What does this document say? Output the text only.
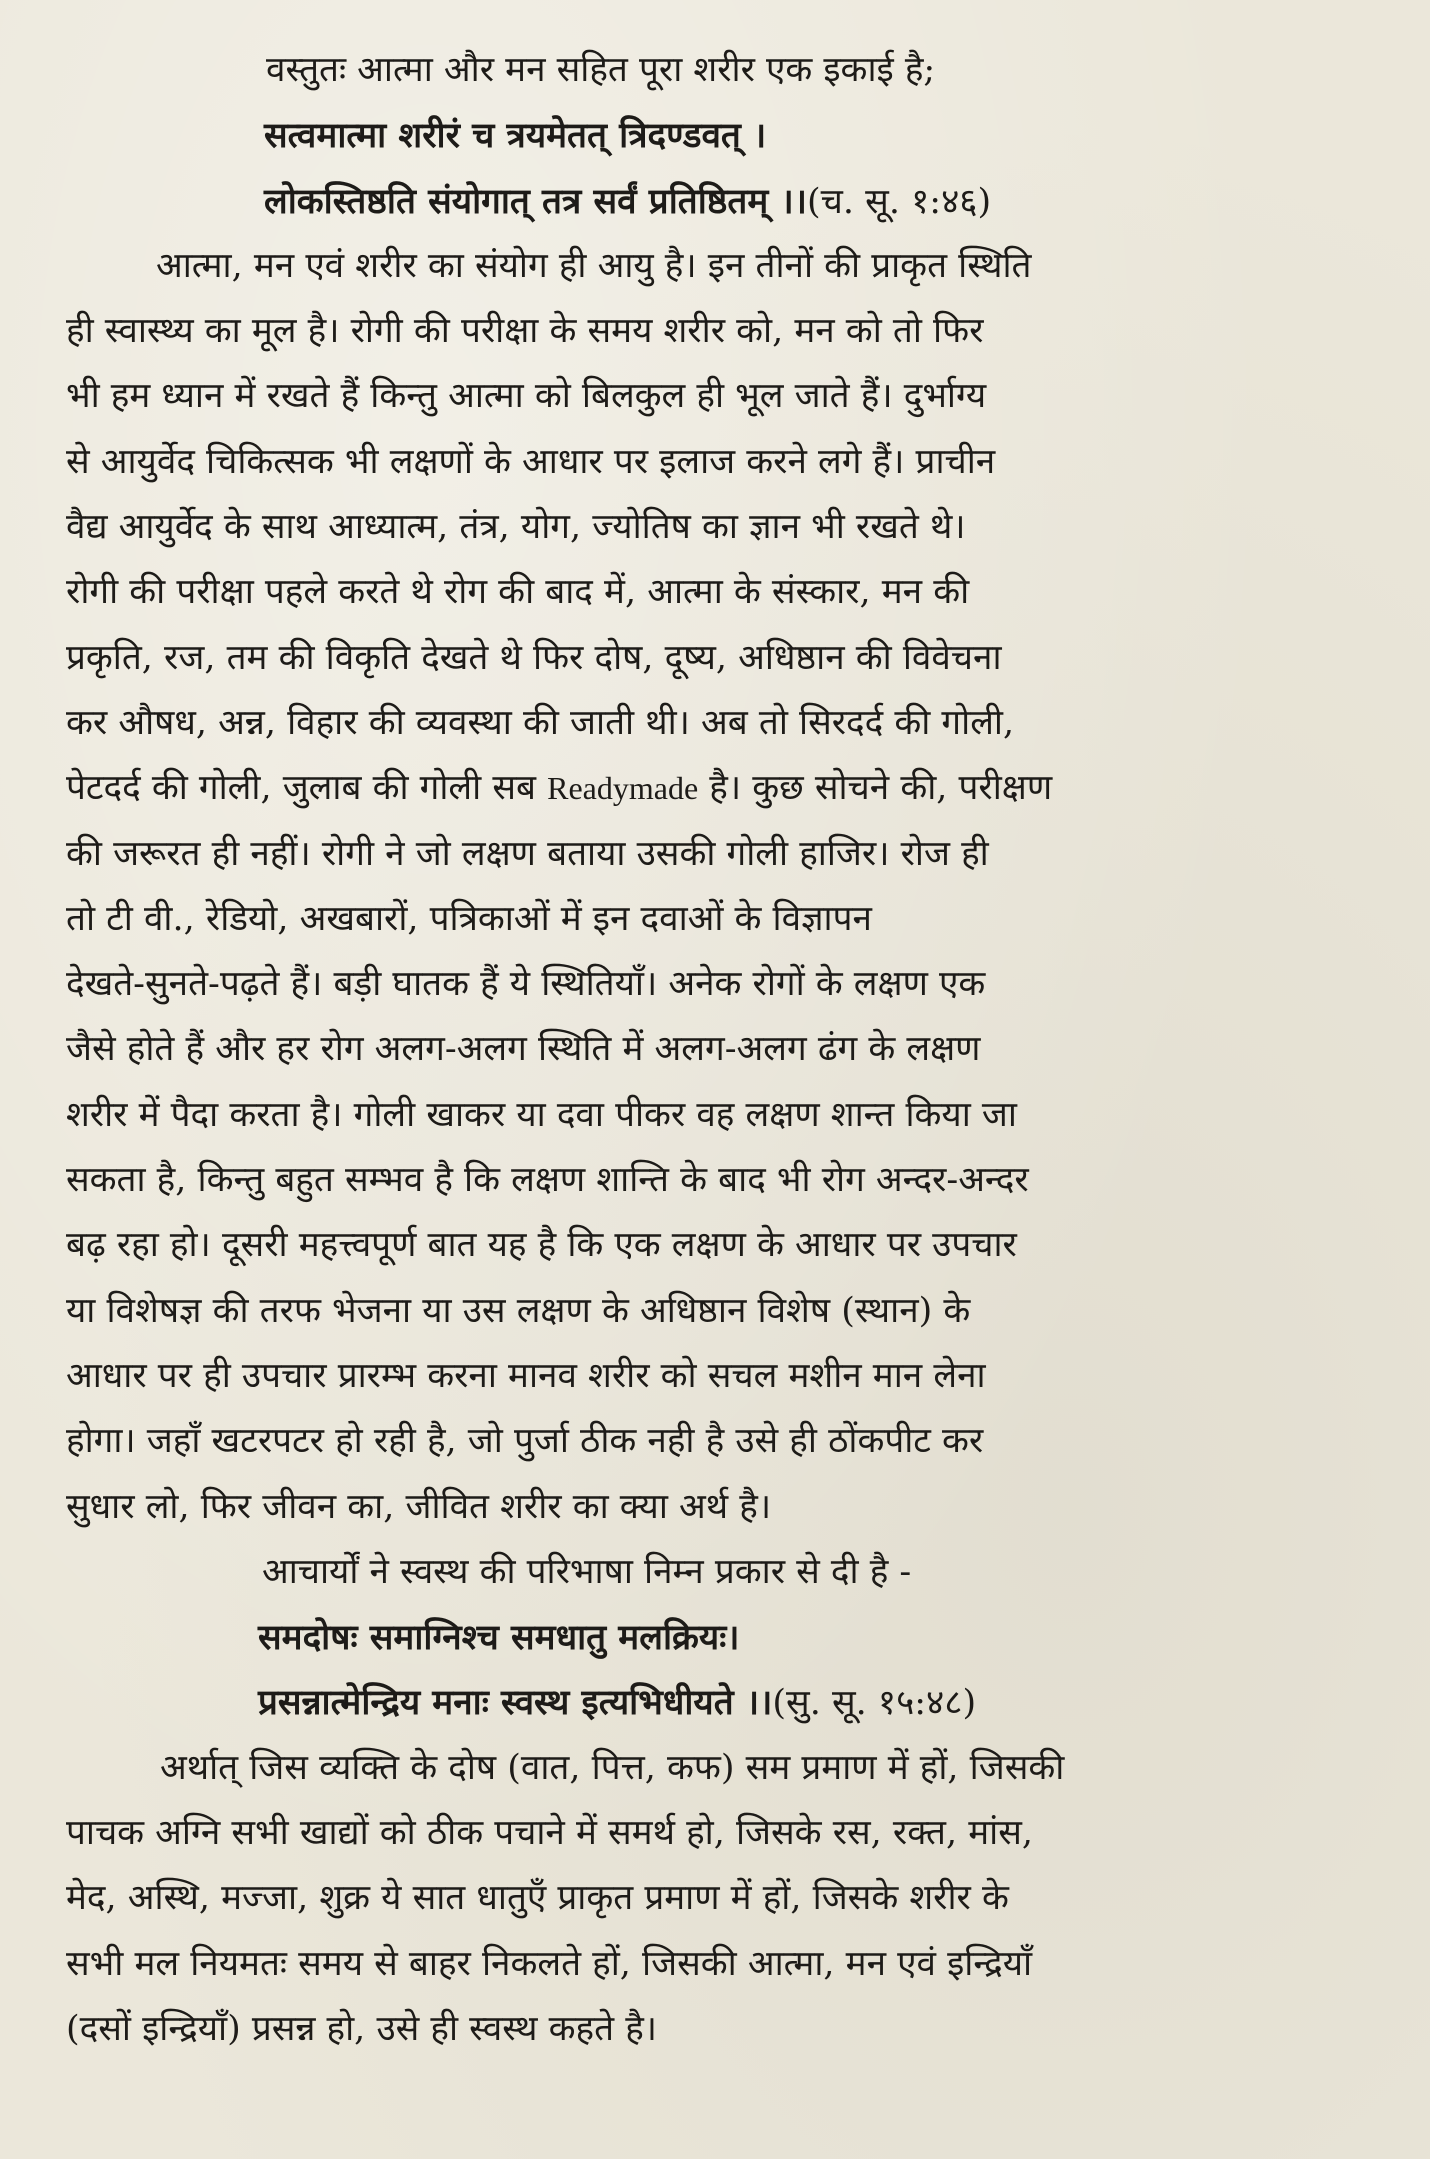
वस्तुतः आत्मा और मन सहित पूरा शरीर एक इकाई है;
सत्वमात्मा शरीरं च त्रयमेतत् त्रिदण्डवत् ।
लोकस्तिष्ठति संयोगात् तत्र सर्वं प्रतिष्ठितम् ।।(च. सू. १:४६)
आत्मा, मन एवं शरीर का संयोग ही आयु है। इन तीनों की प्राकृत स्थिति
ही स्वास्थ्य का मूल है। रोगी की परीक्षा के समय शरीर को, मन को तो फिर
भी हम ध्यान में रखते हैं किन्तु आत्मा को बिलकुल ही भूल जाते हैं। दुर्भाग्य
से आयुर्वेद चिकित्सक भी लक्षणों के आधार पर इलाज करने लगे हैं। प्राचीन
वैद्य आयुर्वेद के साथ आध्यात्म, तंत्र, योग, ज्योतिष का ज्ञान भी रखते थे।
रोगी की परीक्षा पहले करते थे रोग की बाद में, आत्मा के संस्कार, मन की
प्रकृति, रज, तम की विकृति देखते थे फिर दोष, दूष्य, अधिष्ठान की विवेचना
कर औषध, अन्न, विहार की व्यवस्था की जाती थी। अब तो सिरदर्द की गोली,
पेटदर्द की गोली, जुलाब की गोली सब Readymade है। कुछ सोचने की, परीक्षण
की जरूरत ही नहीं। रोगी ने जो लक्षण बताया उसकी गोली हाजिर। रोज ही
तो टी वी., रेडियो, अखबारों, पत्रिकाओं में इन दवाओं के विज्ञापन
देखते-सुनते-पढ़ते हैं। बड़ी घातक हैं ये स्थितियाँ। अनेक रोगों के लक्षण एक
जैसे होते हैं और हर रोग अलग-अलग स्थिति में अलग-अलग ढंग के लक्षण
शरीर में पैदा करता है। गोली खाकर या दवा पीकर वह लक्षण शान्त किया जा
सकता है, किन्तु बहुत सम्भव है कि लक्षण शान्ति के बाद भी रोग अन्दर-अन्दर
बढ़ रहा हो। दूसरी महत्त्वपूर्ण बात यह है कि एक लक्षण के आधार पर उपचार
या विशेषज्ञ की तरफ भेजना या उस लक्षण के अधिष्ठान विशेष (स्थान) के
आधार पर ही उपचार प्रारम्भ करना मानव शरीर को सचल मशीन मान लेना
होगा। जहाँ खटरपटर हो रही है, जो पुर्जा ठीक नही है उसे ही ठोंकपीट कर
सुधार लो, फिर जीवन का, जीवित शरीर का क्या अर्थ है।
आचार्यों ने स्वस्थ की परिभाषा निम्न प्रकार से दी है -
समदोषः समाग्निश्च समधातु मलक्रियः।
प्रसन्नात्मेन्द्रिय मनाः स्वस्थ इत्यभिधीयते ।।(सु. सू. १५:४८)
अर्थात् जिस व्यक्ति के दोष (वात, पित्त, कफ) सम प्रमाण में हों, जिसकी
पाचक अग्नि सभी खाद्यों को ठीक पचाने में समर्थ हो, जिसके रस, रक्त, मांस,
मेद, अस्थि, मज्जा, शुक्र ये सात धातुएँ प्राकृत प्रमाण में हों, जिसके शरीर के
सभी मल नियमतः समय से बाहर निकलते हों, जिसकी आत्मा, मन एवं इन्द्रियाँ
(दसों इन्द्रियाँ) प्रसन्न हो, उसे ही स्वस्थ कहते है।
